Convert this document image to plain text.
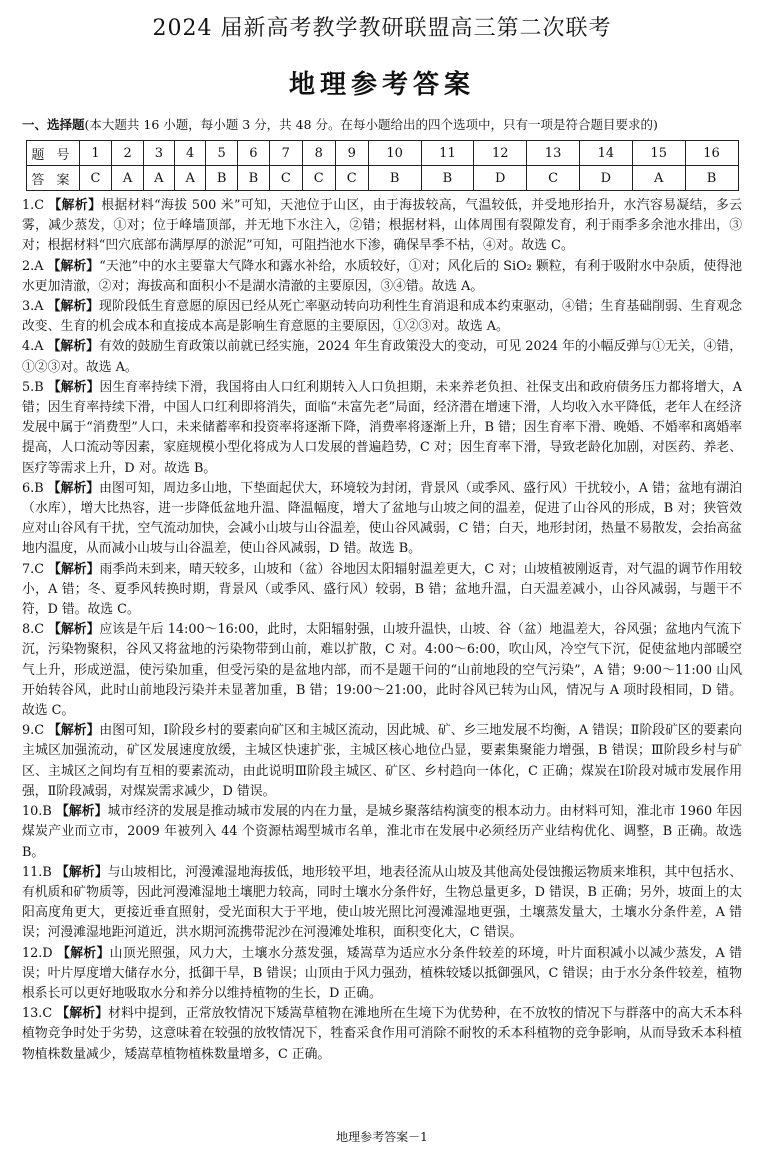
2024 届新高考教学教研联盟高三第二次联考
地理参考答案
一、选择题(本大题共 16 小题，每小题 3 分，共 48 分。在每小题给出的四个选项中，只有一项是符合题目要求的)
题 号	1	2	3	4	5	6	7	8	9	10	11	12	13	14	15	16
答 案	C	A	A	A	B	B	C	C	C	B	B	D	C	D	A	B

1.C 【解析】根据材料“海拔 500 米”可知，天池位于山区，由于海拔较高，气温较低，并受地形抬升，水汽容易凝结，多云雾，减少蒸发，①对；位于峰墙顶部，并无地下水注入，②错；根据材料，山体周围有裂隙发育，利于雨季多余池水排出，③对；根据材料“凹穴底部布满厚厚的淤泥”可知，可阻挡池水下渗，确保旱季不枯，④对。故选 C。

2.A 【解析】“天池”中的水主要靠大气降水和露水补给，水质较好，①对；风化后的 SiO₂ 颗粒，有利于吸附水中杂质，使得池水更加清澈，②对；海拔高和面积小不是湖水清澈的主要原因，③④错。故选 A。

3.A 【解析】现阶段低生育意愿的原因已经从死亡率驱动转向功利性生育消退和成本约束驱动，④错；生育基础削弱、生育观念改变、生育的机会成本和直接成本高是影响生育意愿的主要原因，①②③对。故选 A。

4.A 【解析】有效的鼓励生育政策以前就已经实施，2024 年生育政策没大的变动，可见 2024 年的小幅反弹与①无关，④错，①②③对。故选 A。

5.B 【解析】因生育率持续下滑，我国将由人口红利期转入人口负担期，未来养老负担、社保支出和政府债务压力都将增大，A 错；因生育率持续下滑，中国人口红利即将消失，面临“未富先老”局面，经济潜在增速下滑，人均收入水平降低，老年人在经济发展中属于“消费型”人口，未来储蓄率和投资率将逐渐下降，消费率将逐渐上升，B 错；因生育率下滑、晚婚、不婚率和离婚率提高，人口流动等因素，家庭规模小型化将成为人口发展的普遍趋势，C 对；因生育率下滑，导致老龄化加剧，对医药、养老、医疗等需求上升，D 对。故选 B。

6.B 【解析】由图可知，周边多山地，下垫面起伏大，环境较为封闭，背景风（或季风、盛行风）干扰较小，A 错；盆地有湖泊（水库），增大比热容，进一步降低盆地升温、降温幅度，增大了盆地与山坡之间的温差，促进了山谷风的形成，B 对；狭管效应对山谷风有干扰，空气流动加快，会减小山坡与山谷温差，使山谷风减弱，C 错；白天，地形封闭，热量不易散发，会抬高盆地内温度，从而减小山坡与山谷温差，使山谷风减弱，D 错。故选 B。

7.C 【解析】雨季尚未到来，晴天较多，山坡和（盆）谷地因太阳辐射温差更大，C 对；山坡植被刚返青，对气温的调节作用较小，A 错；冬、夏季风转换时期，背景风（或季风、盛行风）较弱，B 错；盆地升温，白天温差减小，山谷风减弱，与题干不符，D 错。故选 C。

8.C 【解析】应该是午后 14:00～16:00，此时，太阳辐射强，山坡升温快，山坡、谷（盆）地温差大，谷风强；盆地内气流下沉，污染物聚积，谷风又将盆地的污染物带到山前，难以扩散，C 对。4:00～6:00，吹山风，冷空气下沉，促使盆地内部暖空气上升，形成逆温，使污染加重，但受污染的是盆地内部，而不是题干问的“山前地段的空气污染”，A 错；9:00～11:00 山风开始转谷风，此时山前地段污染并未显著加重，B 错；19:00～21:00，此时谷风已转为山风，情况与 A 项时段相同，D 错。故选 C。

9.C 【解析】由图可知，Ⅰ阶段乡村的要素向矿区和主城区流动，因此城、矿、乡三地发展不均衡，A 错误；Ⅱ阶段矿区的要素向主城区加强流动，矿区发展速度放缓，主城区快速扩张，主城区核心地位凸显，要素集聚能力增强，B 错误；Ⅲ阶段乡村与矿区、主城区之间均有互相的要素流动，由此说明Ⅲ阶段主城区、矿区、乡村趋向一体化，C 正确；煤炭在Ⅰ阶段对城市发展作用强，Ⅱ阶段减弱，对煤炭需求减少，D 错误。

10.B 【解析】城市经济的发展是推动城市发展的内在力量，是城乡聚落结构演变的根本动力。由材料可知，淮北市 1960 年因煤炭产业而立市，2009 年被列入 44 个资源枯竭型城市名单，淮北市在发展中必须经历产业结构优化、调整，B 正确。故选 B。

11.B 【解析】与山坡相比，河漫滩湿地海拔低，地形较平坦，地表径流从山坡及其他高处侵蚀搬运物质来堆积，其中包括水、有机质和矿物质等，因此河漫滩湿地土壤肥力较高，同时土壤水分条件好，生物总量更多，D 错误，B 正确；另外，坡面上的太阳高度角更大，更接近垂直照射，受光面积大于平地，使山坡光照比河漫滩湿地更强，土壤蒸发量大，土壤水分条件差，A 错误；河漫滩湿地距河道近，洪水期河流携带泥沙在河漫滩处堆积，面积变化大，C 错误。

12.D 【解析】山顶光照强，风力大，土壤水分蒸发强，矮嵩草为适应水分条件较差的环境，叶片面积减小以减少蒸发，A 错误；叶片厚度增大储存水分，抵御干旱，B 错误；山顶由于风力强劲，植株较矮以抵御强风，C 错误；由于水分条件较差，植物根系长可以更好地吸取水分和养分以维持植物的生长，D 正确。

13.C 【解析】材料中提到，正常放牧情况下矮嵩草植物在滩地所在生境下为优势种，在不放牧的情况下与群落中的高大禾本科植物竞争时处于劣势，这意味着在较强的放牧情况下，牲畜采食作用可消除不耐牧的禾本科植物的竞争影响，从而导致禾本科植物植株数量减少，矮嵩草植物植株数量增多，C 正确。

地理参考答案－1
